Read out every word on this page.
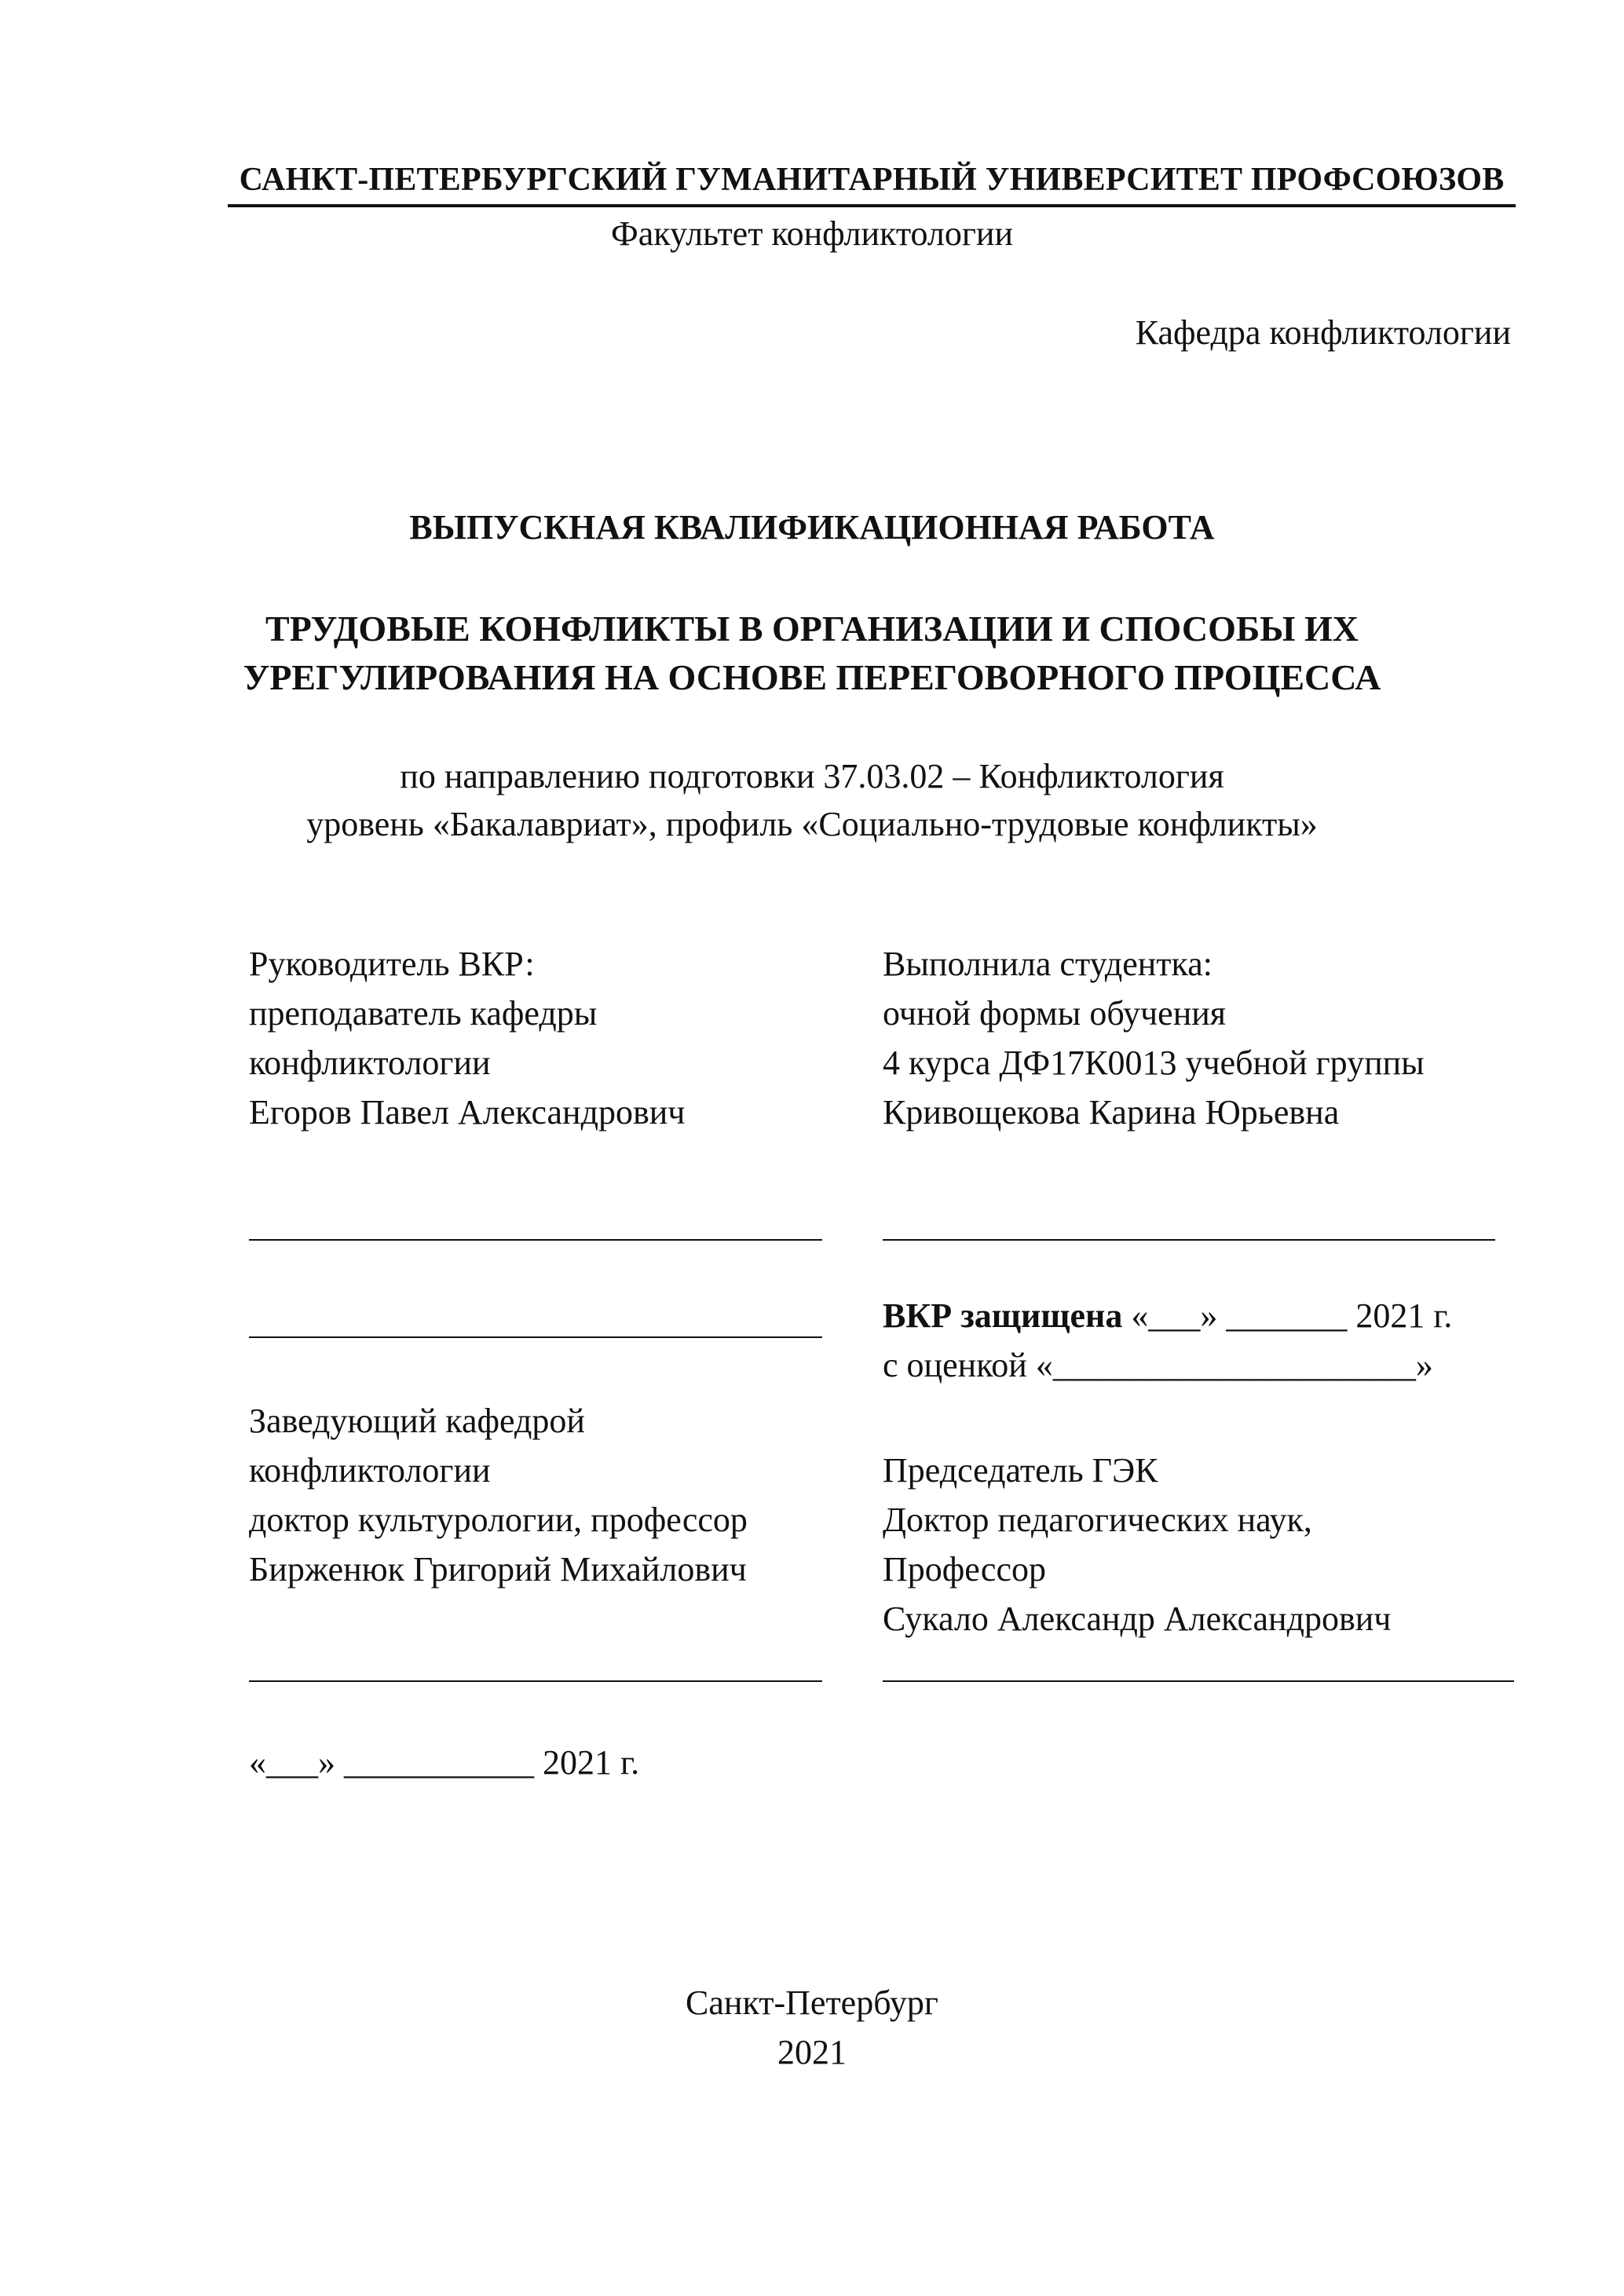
САНКТ-ПЕТЕРБУРГСКИЙ ГУМАНИТАРНЫЙ УНИВЕРСИТЕТ ПРОФСОЮЗОВ
Факультет конфликтологии
Кафедра конфликтологии
ВЫПУСКНАЯ КВАЛИФИКАЦИОННАЯ РАБОТА
ТРУДОВЫЕ КОНФЛИКТЫ В ОРГАНИЗАЦИИ И СПОСОБЫ ИХ
УРЕГУЛИРОВАНИЯ НА ОСНОВЕ ПЕРЕГОВОРНОГО ПРОЦЕССА
по направлению подготовки 37.03.02 – Конфликтология
уровень «Бакалавриат», профиль «Социально-трудовые конфликты»
Руководитель ВКР:
преподаватель кафедры
конфликтологии
Егоров Павел Александрович
Выполнила студентка:
очной формы обучения
4 курса ДФ17К0013 учебной группы
Кривощекова Карина Юрьевна
ВКР защищена «___» _______ 2021 г.
с оценкой «_____________________»
Заведующий кафедрой
конфликтологии
доктор культурологии, профессор
Бирженюк Григорий Михайлович
Председатель ГЭК
Доктор педагогических наук,
Профессор
Сукало Александр Александрович
«___» ___________ 2021 г.
Санкт-Петербург
2021
